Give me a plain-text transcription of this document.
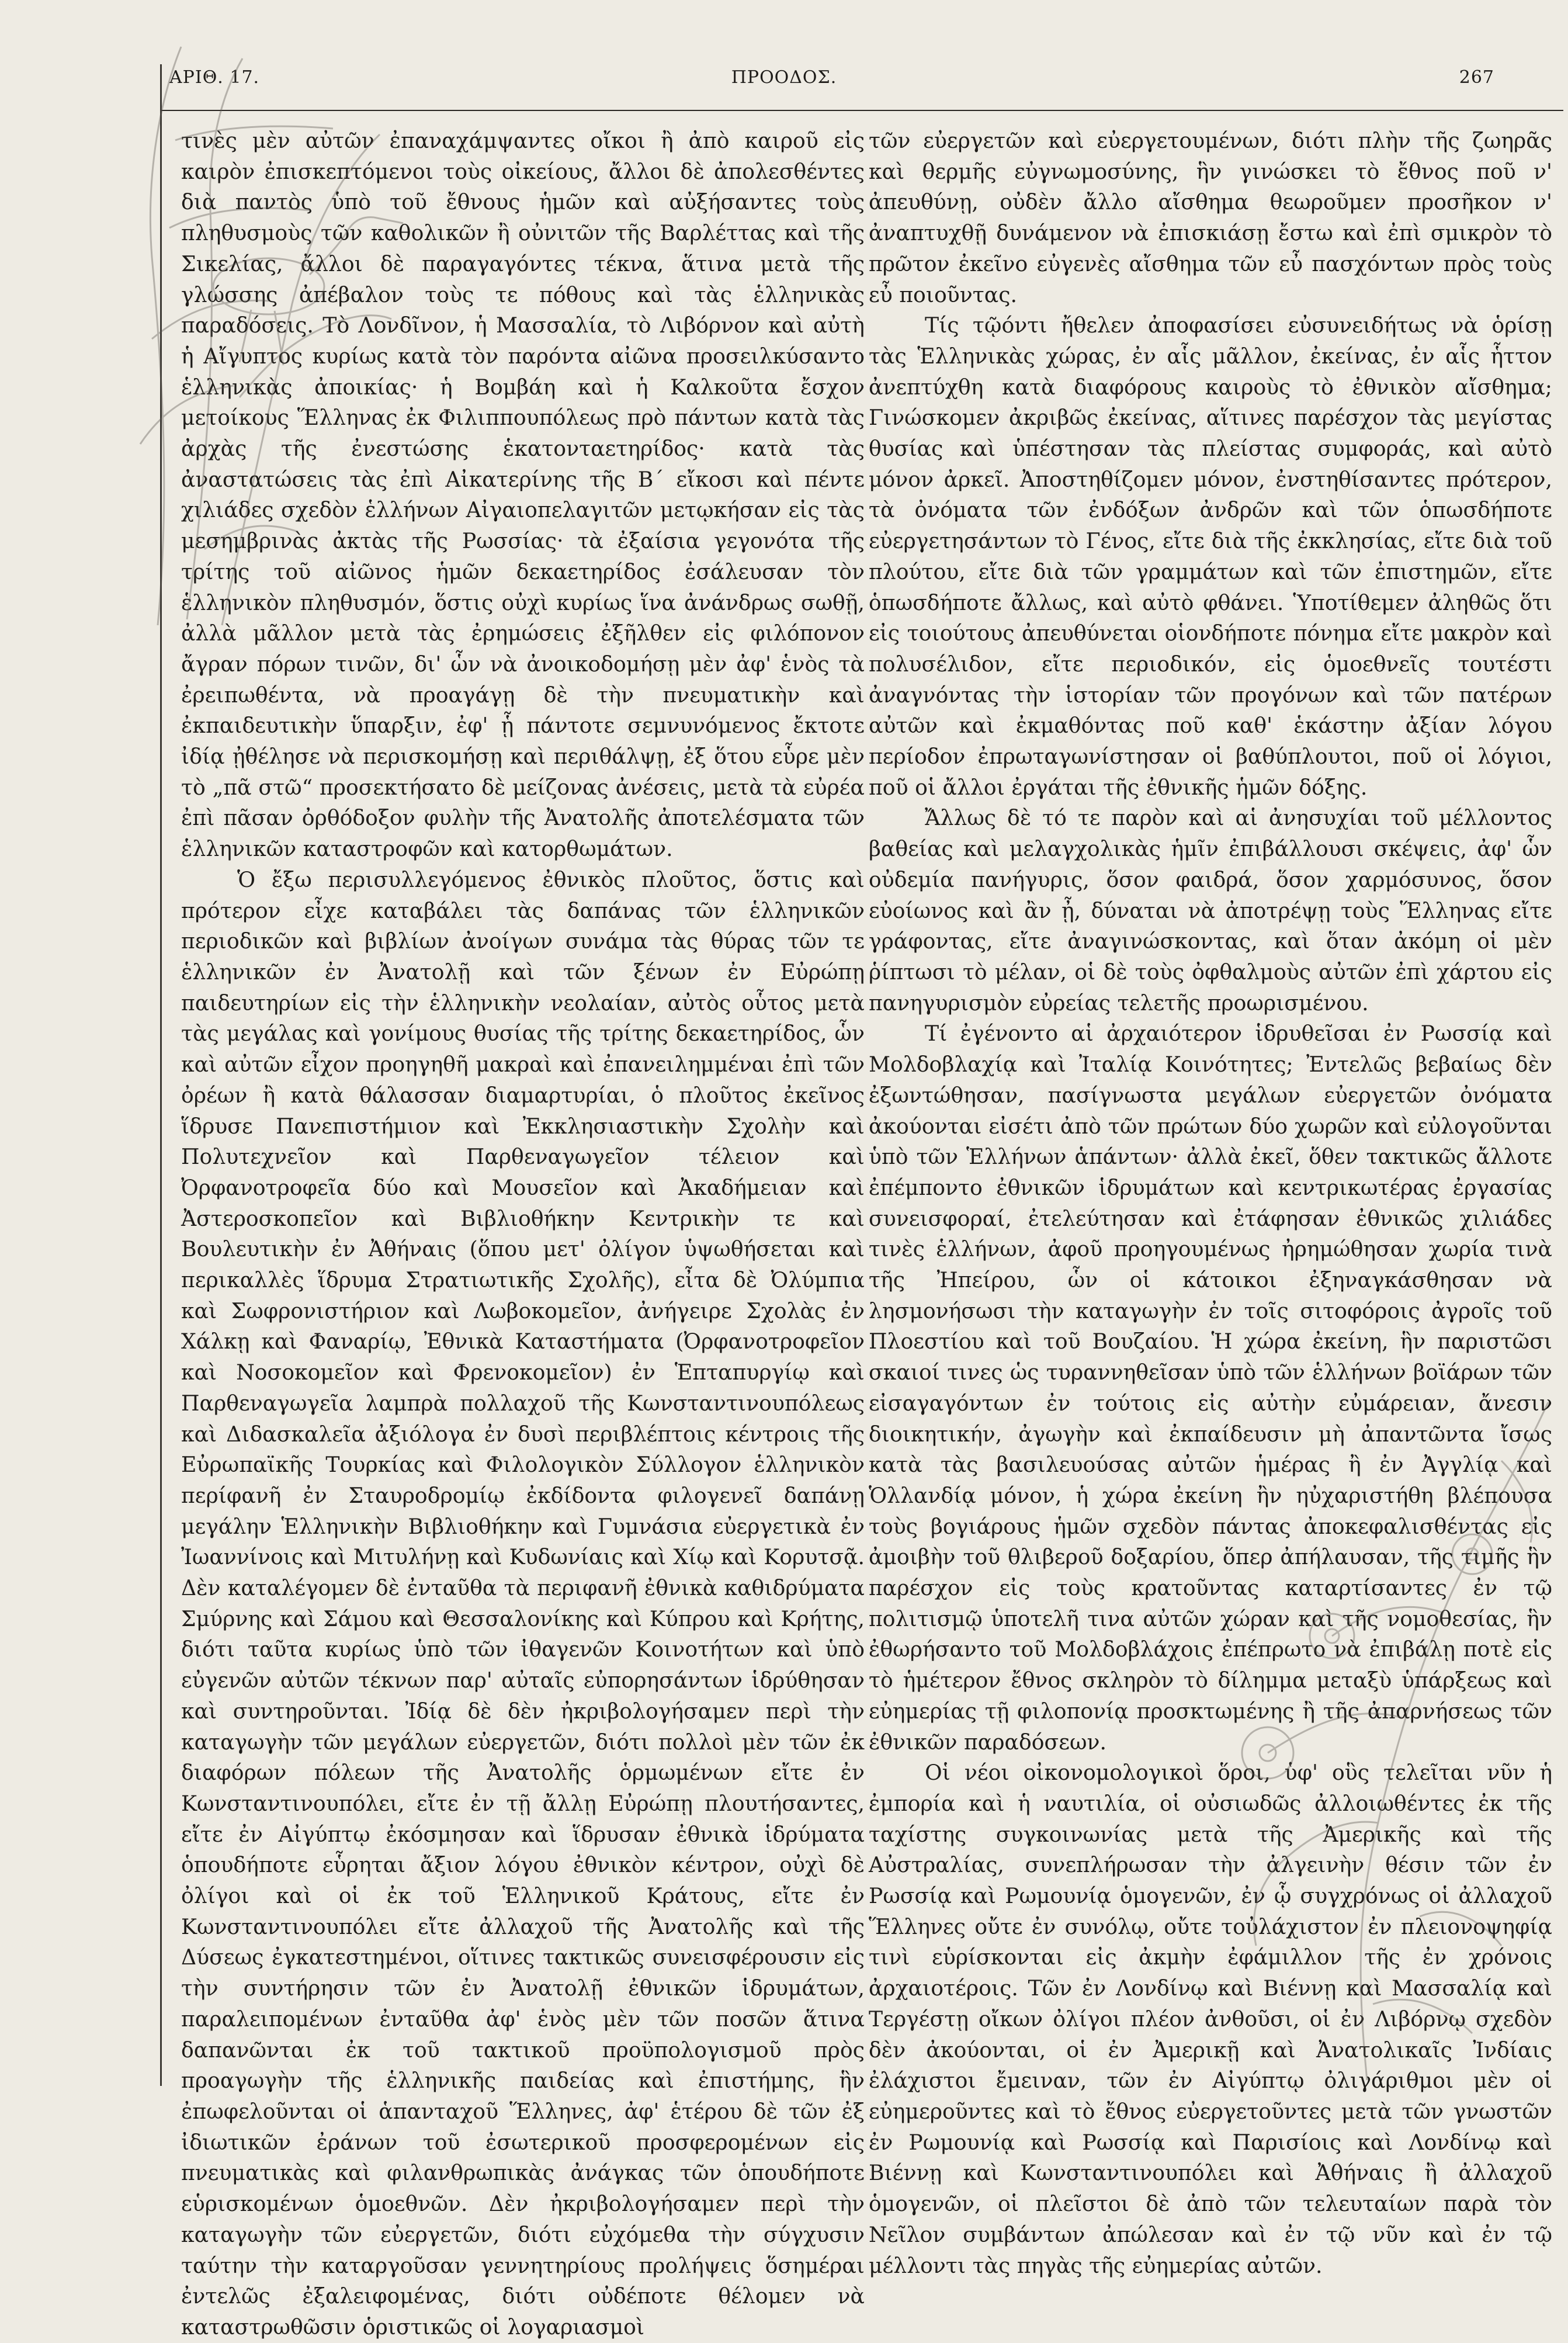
ΑΡΙΘ. 17.	ΠΡΟΟΔΟΣ.	267

τινὲς μὲν αὐτῶν ἐπαναχάμψαντες οἴκοι ἢ ἀπὸ καιροῦ εἰς καιρὸν ἐπισκεπτόμενοι τοὺς οἰκείους, ἄλλοι δὲ ἀπολεσθέντες διὰ παντὸς ὑπὸ τοῦ ἔθνους ἡμῶν καὶ αὐξήσαντες τοὺς πληθυσμοὺς τῶν καθολικῶν ἢ οὐνιτῶν τῆς Βαρλέττας καὶ τῆς Σικελίας, ἄλλοι δὲ παραγαγόντες τέκνα, ἅτινα μετὰ τῆς γλώσσης ἀπέβαλον τοὺς τε πόθους καὶ τὰς ἑλληνικὰς παραδόσεις. Τὸ Λονδῖνον, ἡ Μασσαλία, τὸ Λιβόρνον καὶ αὐτὴ ἡ Αἴγυπτος κυρίως κατὰ τὸν παρόντα αἰῶνα προσειλκύσαντο ἑλληνικὰς ἀποικίας· ἡ Βομβάη καὶ ἡ Καλκοῦτα ἔσχον μετοίκους Ἕλληνας ἐκ Φιλιππουπόλεως πρὸ πάντων κατὰ τὰς ἀρχὰς τῆς ἐνεστώσης ἑκατονταετηρίδος· κατὰ τὰς ἀναστατώσεις τὰς ἐπὶ Αἰκατερίνης τῆς Β΄ εἴκοσι καὶ πέντε χιλιάδες σχεδὸν ἑλλήνων Αἰγαιοπελαγιτῶν μετῳκήσαν εἰς τὰς μεσημβρινὰς ἀκτὰς τῆς Ρωσσίας· τὰ ἐξαίσια γεγονότα τῆς τρίτης τοῦ αἰῶνος ἡμῶν δεκαετηρίδος ἐσάλευσαν τὸν ἑλληνικὸν πληθυσμόν, ὅστις οὐχὶ κυρίως ἵνα ἀνάνδρως σωθῇ, ἀλλὰ μᾶλλον μετὰ τὰς ἐρημώσεις ἐξῆλθεν εἰς φιλόπονον ἄγραν πόρων τινῶν, δι' ὧν νὰ ἀνοικοδομήσῃ μὲν ἀφ' ἑνὸς τὰ ἐρειπωθέντα, νὰ προαγάγῃ δὲ τὴν πνευματικὴν καὶ ἐκπαιδευτικὴν ὕπαρξιν, ἐφ' ᾗ πάντοτε σεμνυνόμενος ἔκτοτε ἰδίᾳ ᾐθέλησε νὰ περισκομήσῃ καὶ περιθάλψῃ, ἐξ ὅτου εὗρε μὲν τὸ „πᾶ στῶ“ προσεκτήσατο δὲ μείζονας ἀνέσεις, μετὰ τὰ εὐρέα ἐπὶ πᾶσαν ὀρθόδοξον φυλὴν τῆς Ἀνατολῆς ἀποτελέσματα τῶν ἑλληνικῶν καταστροφῶν καὶ κατορθωμάτων.

Ὁ ἔξω περισυλλεγόμενος ἐθνικὸς πλοῦτος, ὅστις καὶ πρότερον εἶχε καταβάλει τὰς δαπάνας τῶν ἑλληνικῶν περιοδικῶν καὶ βιβλίων ἀνοίγων συνάμα τὰς θύρας τῶν τε ἑλληνικῶν ἐν Ἀνατολῇ καὶ τῶν ξένων ἐν Εὐρώπῃ παιδευτηρίων εἰς τὴν ἑλληνικὴν νεολαίαν, αὐτὸς οὗτος μετὰ τὰς μεγάλας καὶ γονίμους θυσίας τῆς τρίτης δεκαετηρίδος, ὧν καὶ αὐτῶν εἶχον προηγηθῆ μακραὶ καὶ ἐπανειλημμέναι ἐπὶ τῶν ὀρέων ἢ κατὰ θάλασσαν διαμαρτυρίαι, ὁ πλοῦτος ἐκεῖνος ἵδρυσε Πανεπιστήμιον καὶ Ἐκκλησιαστικὴν Σχολὴν καὶ Πολυτεχνεῖον καὶ Παρθεναγωγεῖον τέλειον καὶ Ὀρφανοτροφεῖα δύο καὶ Μουσεῖον καὶ Ἀκαδήμειαν καὶ Ἀστεροσκοπεῖον καὶ Βιβλιοθήκην Κεντρικὴν τε καὶ Βουλευτικὴν ἐν Ἀθήναις (ὅπου μετ' ὀλίγον ὑψωθήσεται καὶ περικαλλὲς ἵδρυμα Στρατιωτικῆς Σχολῆς), εἶτα δὲ Ὀλύμπια καὶ Σωφρονιστήριον καὶ Λωβοκομεῖον, ἀνήγειρε Σχολὰς ἐν Χάλκῃ καὶ Φαναρίῳ, Ἐθνικὰ Καταστήματα (Ὀρφανοτροφεῖον καὶ Νοσοκομεῖον καὶ Φρενοκομεῖον) ἐν Ἑπταπυργίῳ καὶ Παρθεναγωγεῖα λαμπρὰ πολλαχοῦ τῆς Κωνσταντινουπόλεως καὶ Διδασκαλεῖα ἀξιόλογα ἐν δυσὶ περιβλέπτοις κέντροις τῆς Εὐρωπαϊκῆς Τουρκίας καὶ Φιλολογικὸν Σύλλογον ἑλληνικὸν περίφανῆ ἐν Σταυροδρομίῳ ἐκδίδοντα φιλογενεῖ δαπάνῃ μεγάλην Ἑλληνικὴν Βιβλιοθήκην καὶ Γυμνάσια εὐεργετικὰ ἐν Ἰωαννίνοις καὶ Μιτυλήνῃ καὶ Κυδωνίαις καὶ Χίῳ καὶ Κορυτσᾷ. Δὲν καταλέγομεν δὲ ἐνταῦθα τὰ περιφανῆ ἐθνικὰ καθιδρύματα Σμύρνης καὶ Σάμου καὶ Θεσσαλονίκης καὶ Κύπρου καὶ Κρήτης, διότι ταῦτα κυρίως ὑπὸ τῶν ἰθαγενῶν Κοινοτήτων καὶ ὑπὸ εὐγενῶν αὐτῶν τέκνων παρ' αὐταῖς εὐπορησάντων ἱδρύθησαν καὶ συντηροῦνται. Ἰδίᾳ δὲ δὲν ἠκριβολογήσαμεν περὶ τὴν καταγωγὴν τῶν μεγάλων εὐεργετῶν, διότι πολλοὶ μὲν τῶν ἐκ διαφόρων πόλεων τῆς Ἀνατολῆς ὁρμωμένων εἴτε ἐν Κωνσταντινουπόλει, εἴτε ἐν τῇ ἄλλῃ Εὐρώπῃ πλουτήσαντες, εἴτε ἐν Αἰγύπτῳ ἐκόσμησαν καὶ ἵδρυσαν ἐθνικὰ ἱδρύματα ὁπουδήποτε εὗρηται ἄξιον λόγου ἐθνικὸν κέντρον, οὐχὶ δὲ ὀλίγοι καὶ οἱ ἐκ τοῦ Ἑλληνικοῦ Κράτους, εἴτε ἐν Κωνσταντινουπόλει εἴτε ἀλλαχοῦ τῆς Ἀνατολῆς καὶ τῆς Δύσεως ἐγκατεστημένοι, οἵτινες τακτικῶς συνεισφέρουσιν εἰς τὴν συντήρησιν τῶν ἐν Ἀνατολῇ ἐθνικῶν ἱδρυμάτων, παραλειπομένων ἐνταῦθα ἀφ' ἑνὸς μὲν τῶν ποσῶν ἅτινα δαπανῶνται ἐκ τοῦ τακτικοῦ προϋπολογισμοῦ πρὸς προαγωγὴν τῆς ἑλληνικῆς παιδείας καὶ ἐπιστήμης, ἣν ἐπωφελοῦνται οἱ ἁπανταχοῦ Ἕλληνες, ἀφ' ἑτέρου δὲ τῶν ἐξ ἰδιωτικῶν ἐράνων τοῦ ἐσωτερικοῦ προσφερομένων εἰς πνευματικὰς καὶ φιλανθρωπικὰς ἀνάγκας τῶν ὁπουδήποτε εὑρισκομένων ὁμοεθνῶν. Δὲν ἠκριβολογήσαμεν περὶ τὴν καταγωγὴν τῶν εὐεργετῶν, διότι εὐχόμεθα τὴν σύγχυσιν ταύτην τὴν καταργοῦσαν γεννητηρίους προλήψεις ὅσημέραι ἐντελῶς ἐξαλειφομένας, διότι οὐδέποτε θέλομεν νὰ καταστρωθῶσιν ὁριστικῶς οἱ λογαριασμοὶ

τῶν εὐεργετῶν καὶ εὐεργετουμένων, διότι πλὴν τῆς ζωηρᾶς καὶ θερμῆς εὐγνωμοσύνης, ἣν γινώσκει τὸ ἔθνος ποῦ ν' ἀπευθύνῃ, οὐδὲν ἄλλο αἴσθημα θεωροῦμεν προσῆκον ν' ἀναπτυχθῇ δυνάμενον νὰ ἐπισκιάσῃ ἔστω καὶ ἐπὶ σμικρὸν τὸ πρῶτον ἐκεῖνο εὐγενὲς αἴσθημα τῶν εὖ πασχόντων πρὸς τοὺς εὖ ποιοῦντας.

Τίς τῷόντι ἤθελεν ἀποφασίσει εὐσυνειδήτως νὰ ὁρίσῃ τὰς Ἑλληνικὰς χώρας, ἐν αἷς μᾶλλον, ἐκείνας, ἐν αἷς ἧττον ἀνεπτύχθη κατὰ διαφόρους καιροὺς τὸ ἐθνικὸν αἴσθημα; Γινώσκομεν ἀκριβῶς ἐκείνας, αἵτινες παρέσχον τὰς μεγίστας θυσίας καὶ ὑπέστησαν τὰς πλείστας συμφοράς, καὶ αὐτὸ μόνον ἀρκεῖ. Ἀποστηθίζομεν μόνον, ἐνστηθίσαντες πρότερον, τὰ ὀνόματα τῶν ἐνδόξων ἀνδρῶν καὶ τῶν ὁπωσδήποτε εὐεργετησάντων τὸ Γένος, εἴτε διὰ τῆς ἐκκλησίας, εἴτε διὰ τοῦ πλούτου, εἴτε διὰ τῶν γραμμάτων καὶ τῶν ἐπιστημῶν, εἴτε ὁπωσδήποτε ἄλλως, καὶ αὐτὸ φθάνει. Ὑποτίθεμεν ἀληθῶς ὅτι εἰς τοιούτους ἀπευθύνεται οἱονδήποτε πόνημα εἴτε μακρὸν καὶ πολυσέλιδον, εἴτε περιοδικόν, εἰς ὁμοεθνεῖς τουτέστι ἀναγνόντας τὴν ἱστορίαν τῶν προγόνων καὶ τῶν πατέρων αὐτῶν καὶ ἐκμαθόντας ποῦ καθ' ἑκάστην ἀξίαν λόγου περίοδον ἐπρωταγωνίστησαν οἱ βαθύπλουτοι, ποῦ οἱ λόγιοι, ποῦ οἱ ἄλλοι ἐργάται τῆς ἐθνικῆς ἡμῶν δόξης.

Ἄλλως δὲ τό τε παρὸν καὶ αἱ ἀνησυχίαι τοῦ μέλλοντος βαθείας καὶ μελαγχολικὰς ἡμῖν ἐπιβάλλουσι σκέψεις, ἀφ' ὧν οὐδεμία πανήγυρις, ὅσον φαιδρά, ὅσον χαρμόσυνος, ὅσον εὐοίωνος καὶ ἂν ᾖ, δύναται νὰ ἀποτρέψῃ τοὺς Ἕλληνας εἴτε γράφοντας, εἴτε ἀναγινώσκοντας, καὶ ὅταν ἀκόμη οἱ μὲν ῥίπτωσι τὸ μέλαν, οἱ δὲ τοὺς ὀφθαλμοὺς αὐτῶν ἐπὶ χάρτου εἰς πανηγυρισμὸν εὐρείας τελετῆς προωρισμένου.

Τί ἐγένοντο αἱ ἀρχαιότερον ἱδρυθεῖσαι ἐν Ρωσσίᾳ καὶ Μολδοβλαχίᾳ καὶ Ἰταλίᾳ Κοινότητες; Ἐντελῶς βεβαίως δὲν ἐξωντώθησαν, πασίγνωστα μεγάλων εὐεργετῶν ὀνόματα ἀκούονται εἰσέτι ἀπὸ τῶν πρώτων δύο χωρῶν καὶ εὐλογοῦνται ὑπὸ τῶν Ἑλλήνων ἁπάντων· ἀλλὰ ἐκεῖ, ὅθεν τακτικῶς ἄλλοτε ἐπέμποντο ἐθνικῶν ἱδρυμάτων καὶ κεντρικωτέρας ἐργασίας συνεισφοραί, ἐτελεύτησαν καὶ ἐτάφησαν ἐθνικῶς χιλιάδες τινὲς ἑλλήνων, ἀφοῦ προηγουμένως ἠρημώθησαν χωρία τινὰ τῆς Ἠπείρου, ὧν οἱ κάτοικοι ἐξηναγκάσθησαν νὰ λησμονήσωσι τὴν καταγωγὴν ἐν τοῖς σιτοφόροις ἀγροῖς τοῦ Πλοεστίου καὶ τοῦ Βουζαίου. Ἡ χώρα ἐκείνη, ἣν παριστῶσι σκαιοί τινες ὡς τυραννηθεῖσαν ὑπὸ τῶν ἑλλήνων βοϊάρων τῶν εἰσαγαγόντων ἐν τούτοις εἰς αὐτὴν εὐμάρειαν, ἄνεσιν διοικητικήν, ἀγωγὴν καὶ ἐκπαίδευσιν μὴ ἀπαντῶντα ἴσως κατὰ τὰς βασιλευούσας αὐτῶν ἡμέρας ἢ ἐν Ἀγγλίᾳ καὶ Ὁλλανδίᾳ μόνον, ἡ χώρα ἐκείνη ἢν ηὐχαριστήθη βλέπουσα τοὺς βογιάρους ἡμῶν σχεδὸν πάντας ἀποκεφαλισθέντας εἰς ἀμοιβὴν τοῦ θλιβεροῦ δοξαρίου, ὅπερ ἀπήλαυσαν, τῆς τιμῆς ἣν παρέσχον εἰς τοὺς κρατοῦντας καταρτίσαντες ἐν τῷ πολιτισμῷ ὑποτελῆ τινα αὐτῶν χώραν καὶ τῆς νομοθεσίας, ἣν ἐθωρήσαντο τοῦ Μολδοβλάχοις ἐπέπρωτο νὰ ἐπιβάλῃ ποτὲ εἰς τὸ ἡμέτερον ἔθνος σκληρὸν τὸ δίλημμα μεταξὺ ὑπάρξεως καὶ εὐημερίας τῇ φιλοπονίᾳ προσκτωμένης ἢ τῆς ἀπαρνήσεως τῶν ἐθνικῶν παραδόσεων.

Οἱ νέοι οἰκονομολογικοὶ ὅροι, ὑφ' οὓς τελεῖται νῦν ἡ ἐμπορία καὶ ἡ ναυτιλία, οἱ οὐσιωδῶς ἀλλοιωθέντες ἐκ τῆς ταχίστης συγκοινωνίας μετὰ τῆς Ἀμερικῆς καὶ τῆς Αὐστραλίας, συνεπλήρωσαν τὴν ἀλγεινὴν θέσιν τῶν ἐν Ρωσσίᾳ καὶ Ρωμουνίᾳ ὁμογενῶν, ἐν ᾧ συγχρόνως οἱ ἀλλαχοῦ Ἕλληνες οὔτε ἐν συνόλῳ, οὔτε τοὐλάχιστον ἐν πλειονοψηφίᾳ τινὶ εὑρίσκονται εἰς ἀκμὴν ἐφάμιλλον τῆς ἐν χρόνοις ἀρχαιοτέροις. Τῶν ἐν Λονδίνῳ καὶ Βιέννῃ καὶ Μασσαλίᾳ καὶ Τεργέστῃ οἴκων ὀλίγοι πλέον ἀνθοῦσι, οἱ ἐν Λιβόρνῳ σχεδὸν δὲν ἀκούονται, οἱ ἐν Ἀμερικῇ καὶ Ἀνατολικαῖς Ἰνδίαις ἐλάχιστοι ἔμειναν, τῶν ἐν Αἰγύπτῳ ὀλιγάριθμοι μὲν οἱ εὐημεροῦντες καὶ τὸ ἔθνος εὐεργετοῦντες μετὰ τῶν γνωστῶν ἐν Ρωμουνίᾳ καὶ Ρωσσίᾳ καὶ Παρισίοις καὶ Λονδίνῳ καὶ Βιέννῃ καὶ Κωνσταντινουπόλει καὶ Ἀθήναις ἢ ἀλλαχοῦ ὁμογενῶν, οἱ πλεῖστοι δὲ ἀπὸ τῶν τελευταίων παρὰ τὸν Νεῖλον συμβάντων ἀπώλεσαν καὶ ἐν τῷ νῦν καὶ ἐν τῷ μέλλοντι τὰς πηγὰς τῆς εὐημερίας αὐτῶν.
